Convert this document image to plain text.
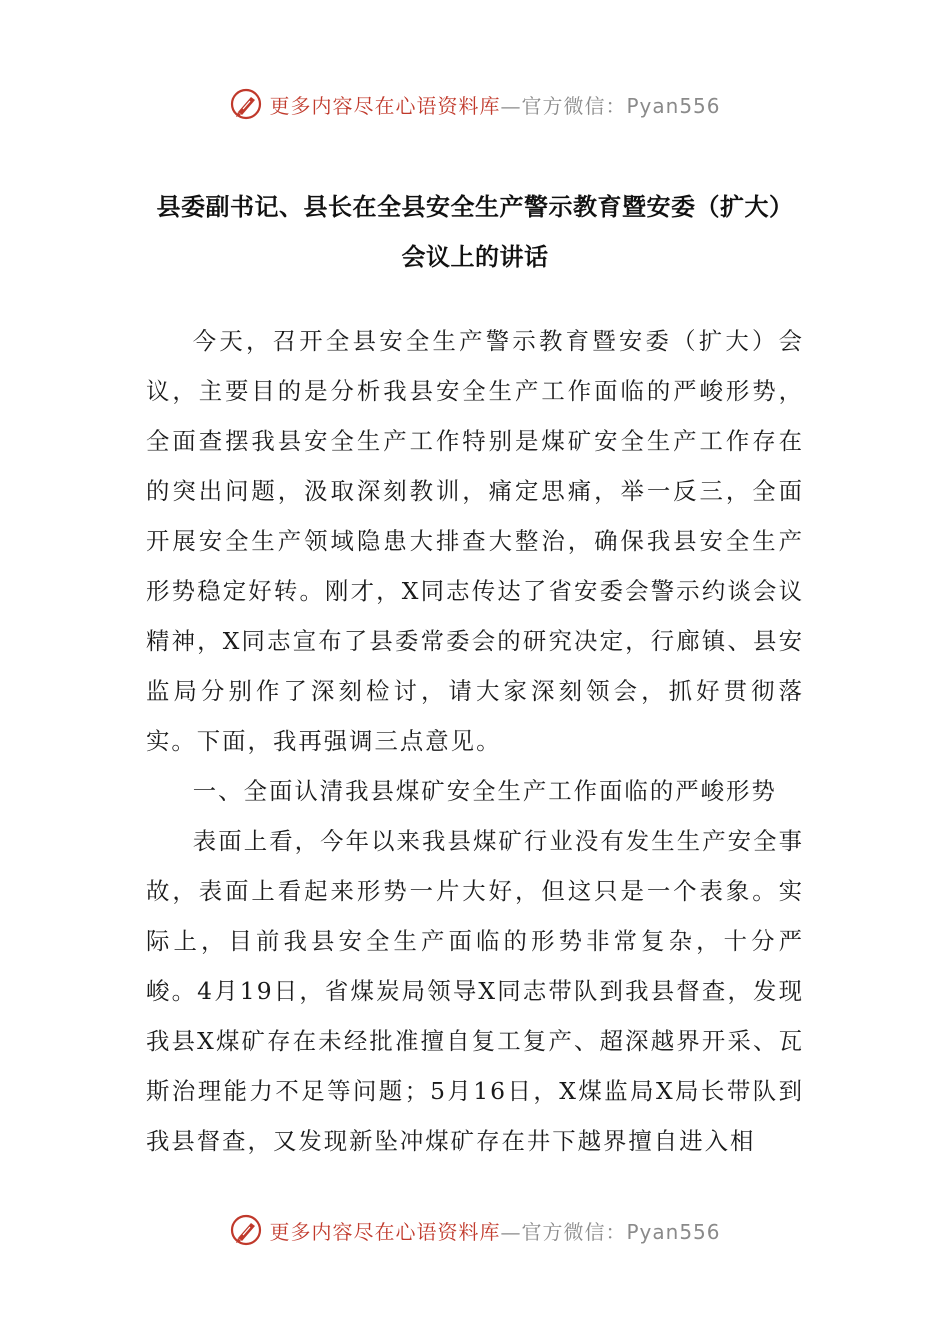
更多内容尽在心语资料库—官方微信：Pyan556
县委副书记、县长在全县安全生产警示教育暨安委（扩大）会议上的讲话

今天，召开全县安全生产警示教育暨安委（扩大）会议，主要目的是分析我县安全生产工作面临的严峻形势，全面查摆我县安全生产工作特别是煤矿安全生产工作存在的突出问题，汲取深刻教训，痛定思痛，举一反三，全面开展安全生产领域隐患大排查大整治，确保我县安全生产形势稳定好转。刚才，X同志传达了省安委会警示约谈会议精神，X同志宣布了县委常委会的研究决定，行廊镇、县安监局分别作了深刻检讨，请大家深刻领会，抓好贯彻落实。下面，我再强调三点意见。

一、全面认清我县煤矿安全生产工作面临的严峻形势

表面上看，今年以来我县煤矿行业没有发生生产安全事故，表面上看起来形势一片大好，但这只是一个表象。实际上，目前我县安全生产面临的形势非常复杂，十分严峻。4月19日，省煤炭局领导X同志带队到我县督查，发现我县X煤矿存在未经批准擅自复工复产、超深越界开采、瓦斯治理能力不足等问题；5月16日，X煤监局X局长带队到我县督查，又发现新坠冲煤矿存在井下越界擅自进入相

更多内容尽在心语资料库—官方微信：Pyan556
